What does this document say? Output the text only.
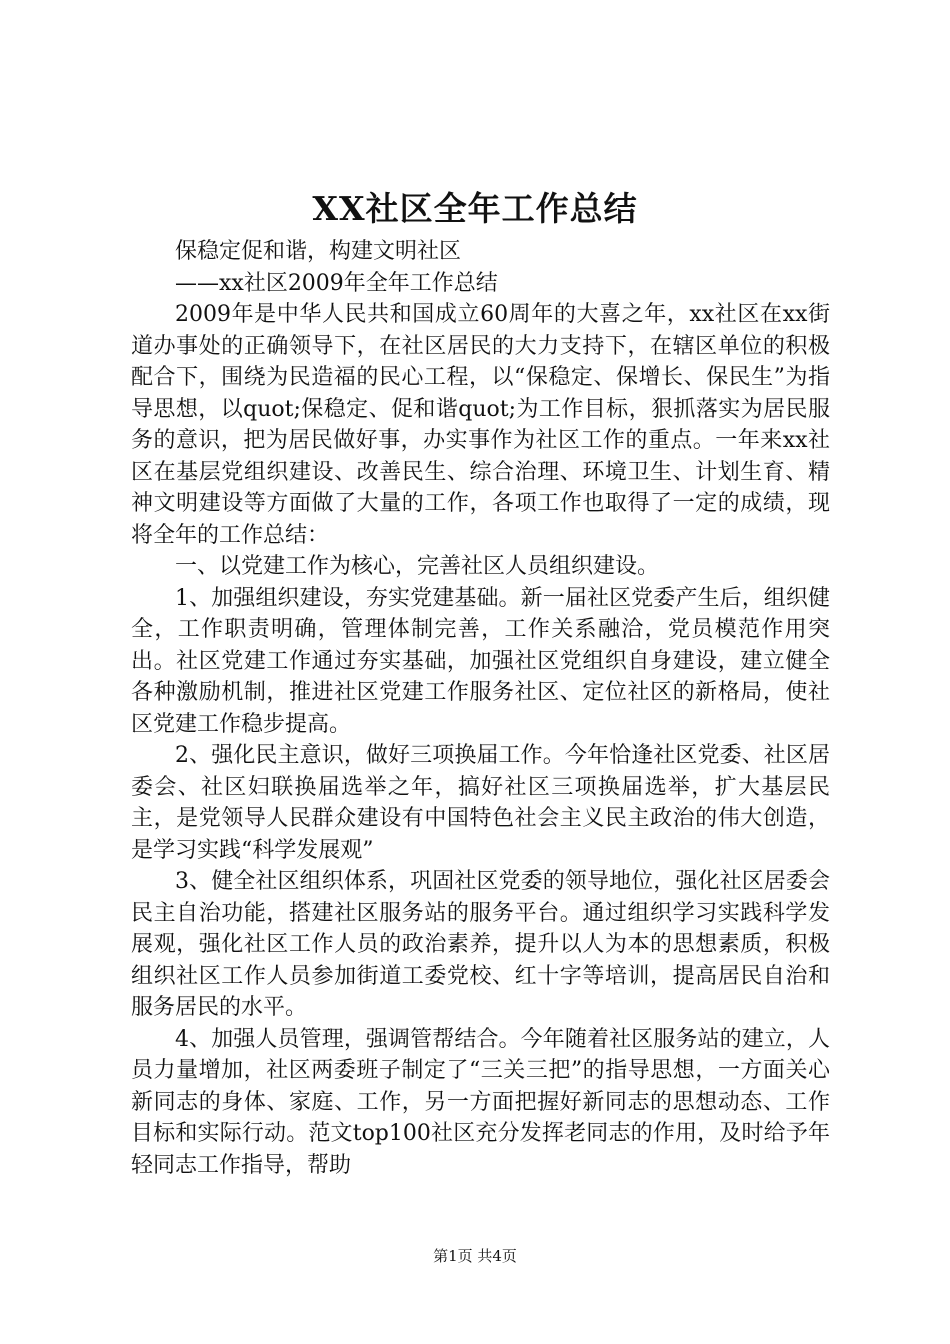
XX社区全年工作总结

保稳定促和谐，构建文明社区

——xx社区2009年全年工作总结

2009年是中华人民共和国成立60周年的大喜之年，xx社区在xx街道办事处的正确领导下，在社区居民的大力支持下，在辖区单位的积极配合下，围绕为民造福的民心工程，以“保稳定、保增长、保民生”为指导思想，以quot;保稳定、促和谐quot;为工作目标，狠抓落实为居民服务的意识，把为居民做好事，办实事作为社区工作的重点。一年来xx社区在基层党组织建设、改善民生、综合治理、环境卫生、计划生育、精神文明建设等方面做了大量的工作，各项工作也取得了一定的成绩，现将全年的工作总结：

一、以党建工作为核心，完善社区人员组织建设。

1、加强组织建设，夯实党建基础。新一届社区党委产生后，组织健全，工作职责明确，管理体制完善，工作关系融洽，党员模范作用突出。社区党建工作通过夯实基础，加强社区党组织自身建设，建立健全各种激励机制，推进社区党建工作服务社区、定位社区的新格局，使社区党建工作稳步提高。

2、强化民主意识，做好三项换届工作。今年恰逢社区党委、社区居委会、社区妇联换届选举之年，搞好社区三项换届选举，扩大基层民主，是党领导人民群众建设有中国特色社会主义民主政治的伟大创造，是学习实践“科学发展观”

3、健全社区组织体系，巩固社区党委的领导地位，强化社区居委会民主自治功能，搭建社区服务站的服务平台。通过组织学习实践科学发展观，强化社区工作人员的政治素养，提升以人为本的思想素质，积极组织社区工作人员参加街道工委党校、红十字等培训，提高居民自治和服务居民的水平。

4、加强人员管理，强调管帮结合。今年随着社区服务站的建立，人员力量增加，社区两委班子制定了“三关三把”的指导思想，一方面关心新同志的身体、家庭、工作，另一方面把握好新同志的思想动态、工作目标和实际行动。范文top100社区充分发挥老同志的作用，及时给予年轻同志工作指导，帮助

第1页 共4页
